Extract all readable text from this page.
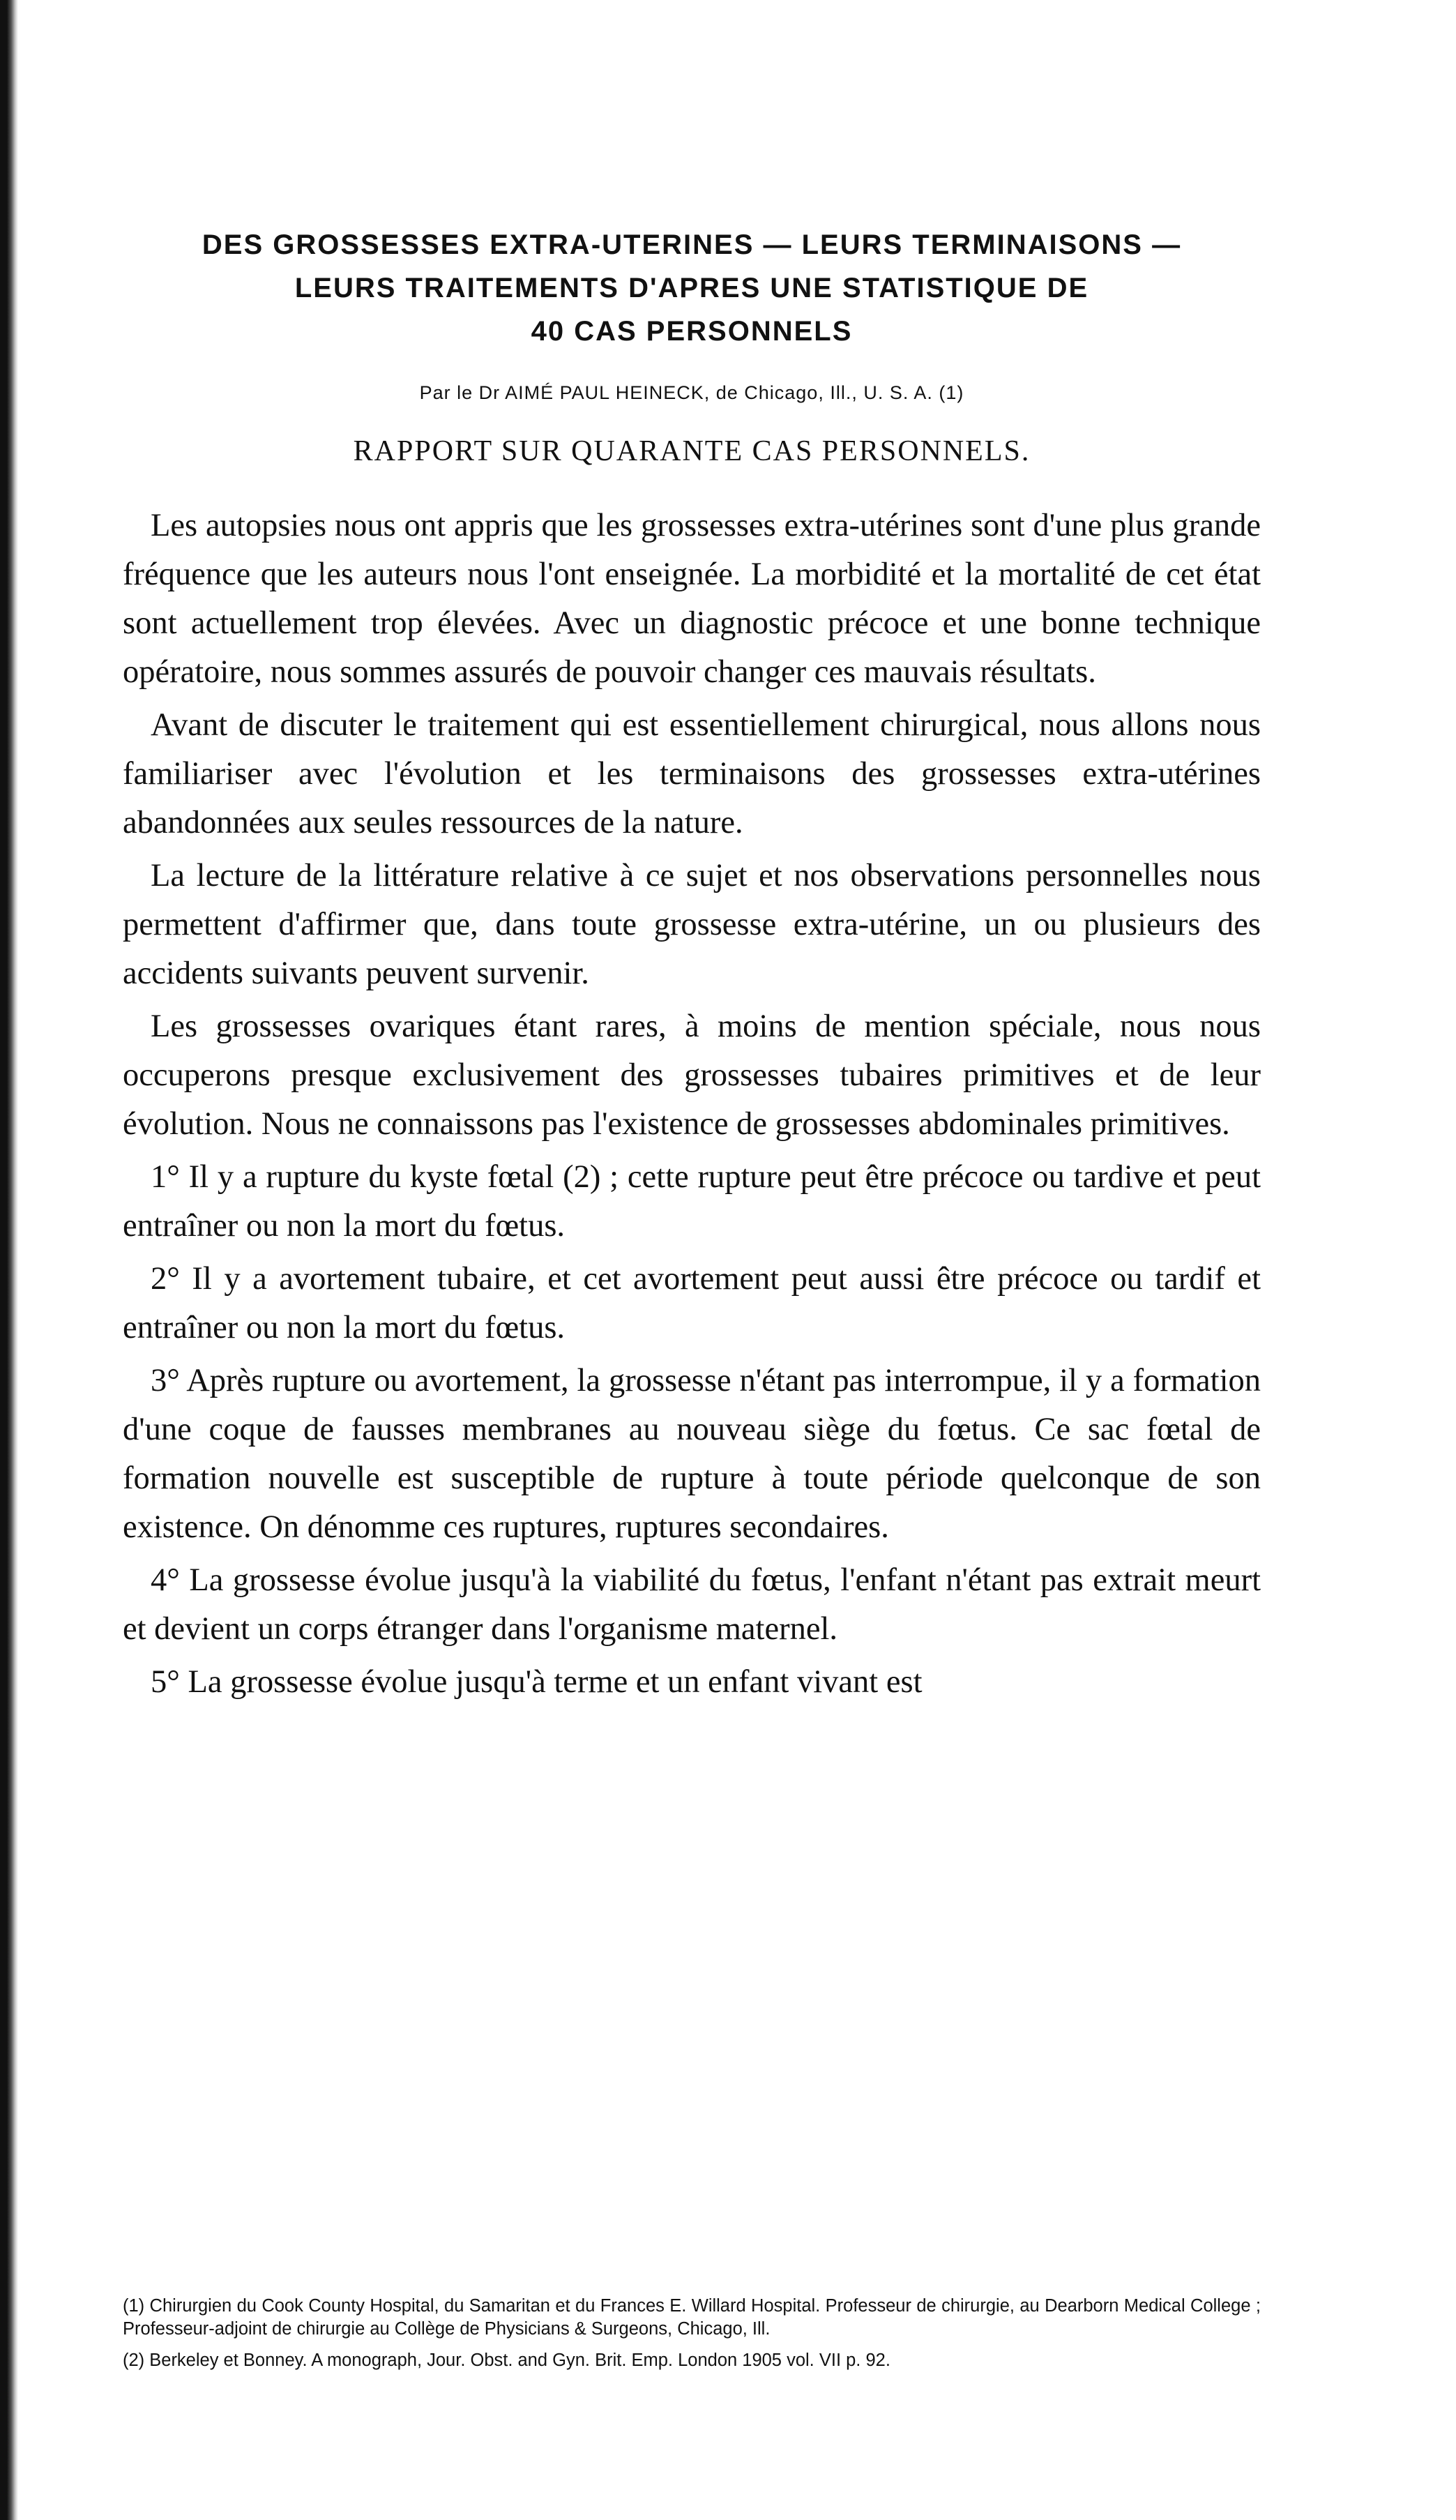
DES GROSSESSES EXTRA-UTERINES — LEURS TERMINAISONS —

LEURS TRAITEMENTS D'APRES UNE STATISTIQUE DE

40 CAS PERSONNELS

Par le Dr AIMÉ PAUL HEINECK, de Chicago, Ill., U. S. A. (1)
RAPPORT SUR QUARANTE CAS PERSONNELS.

Les autopsies nous ont appris que les grossesses extra-utérines sont d'une plus grande fréquence que les auteurs nous l'ont enseignée. La morbidité et la mortalité de cet état sont actuellement trop élevées. Avec un diagnostic précoce et une bonne technique opératoire, nous sommes assurés de pouvoir changer ces mauvais résultats.

Avant de discuter le traitement qui est essentiellement chirurgical, nous allons nous familiariser avec l'évolution et les terminaisons des grossesses extra-utérines abandonnées aux seules ressources de la nature.

La lecture de la littérature relative à ce sujet et nos observations personnelles nous permettent d'affirmer que, dans toute grossesse extra-utérine, un ou plusieurs des accidents suivants peuvent survenir.

Les grossesses ovariques étant rares, à moins de mention spéciale, nous nous occuperons presque exclusivement des grossesses tubaires primitives et de leur évolution. Nous ne connaissons pas l'existence de grossesses abdominales primitives.

1° Il y a rupture du kyste fœtal (2) ; cette rupture peut être précoce ou tardive et peut entraîner ou non la mort du fœtus.

2° Il y a avortement tubaire, et cet avortement peut aussi être précoce ou tardif et entraîner ou non la mort du fœtus.

3° Après rupture ou avortement, la grossesse n'étant pas interrompue, il y a formation d'une coque de fausses membranes au nouveau siège du fœtus. Ce sac fœtal de formation nouvelle est susceptible de rupture à toute période quelconque de son existence. On dénomme ces ruptures, ruptures secondaires.

4° La grossesse évolue jusqu'à la viabilité du fœtus, l'enfant n'étant pas extrait meurt et devient un corps étranger dans l'organisme maternel.

5° La grossesse évolue jusqu'à terme et un enfant vivant est

(1) Chirurgien du Cook County Hospital, du Samaritan et du Frances E. Willard Hospital. Professeur de chirurgie, au Dearborn Medical College ; Professeur-adjoint de chirurgie au Collège de Physicians & Surgeons, Chicago, Ill.

(2) Berkeley et Bonney. A monograph, Jour. Obst. and Gyn. Brit. Emp. London 1905 vol. VII p. 92.
